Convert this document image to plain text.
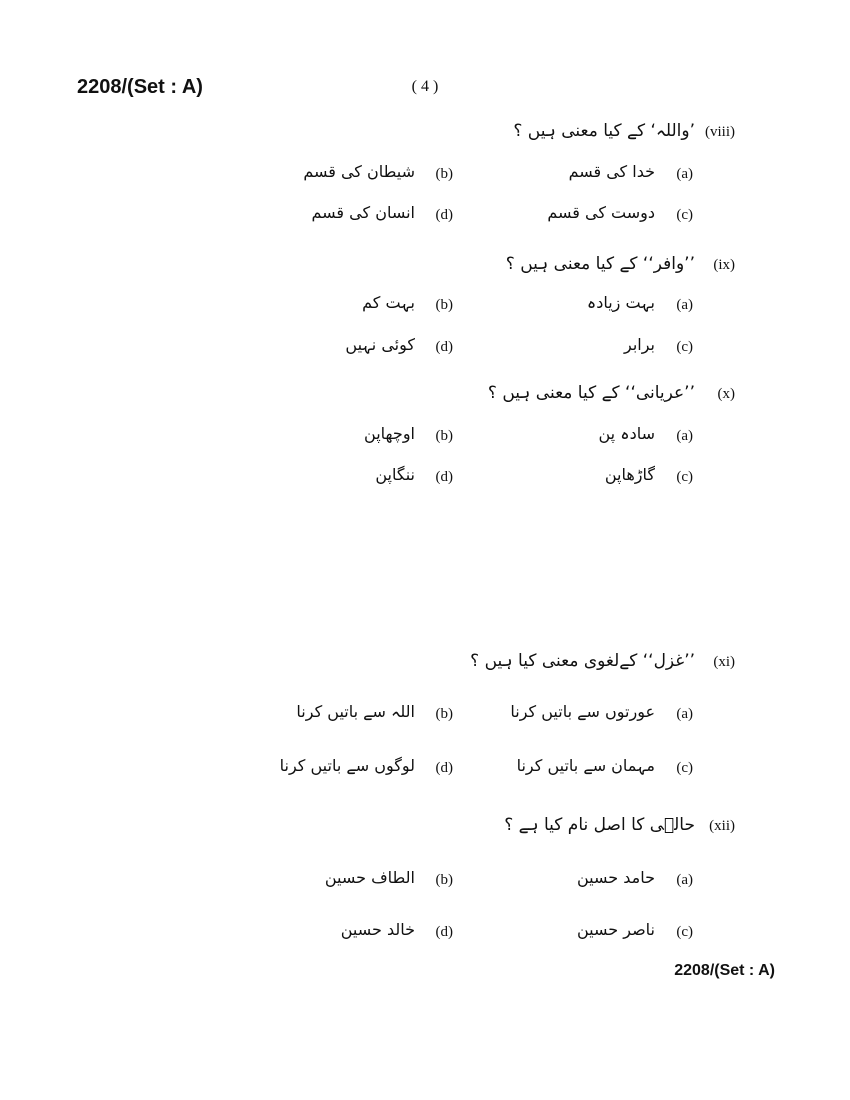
2208/(Set : A)	( 4 )
(viii)
’واللہ‘ کے کیا معنی ہیں ؟
(a)
خدا کی قسم
(b)
شیطان کی قسم
(c)
دوست کی قسم
(d)
انسان کی قسم
(ix)
’’وافر‘‘ کے کیا معنی ہیں ؟
(a)
بہت زیادہ
(b)
بہت کم
(c)
برابر
(d)
کوئی نہیں
(x)
’’عریانی‘‘ کے کیا معنی ہیں ؟
(a)
سادہ پن
(b)
اوچھاپن
(c)
گاڑھاپن
(d)
ننگاپن
(xi)
’’غزل‘‘ کےلغوی معنی کیا ہیں ؟
(a)
عورتوں سے باتیں کرنا
(b)
اللہ سے باتیں کرنا
(c)
مہمان سے باتیں کرنا
(d)
لوگوں سے باتیں کرنا
(xii)
حالؔی کا اصل نام کیا ہے ؟
(a)
حامد حسین
(b)
الطاف حسین
(c)
ناصر حسین
(d)
خالد حسین
2208/(Set : A)
